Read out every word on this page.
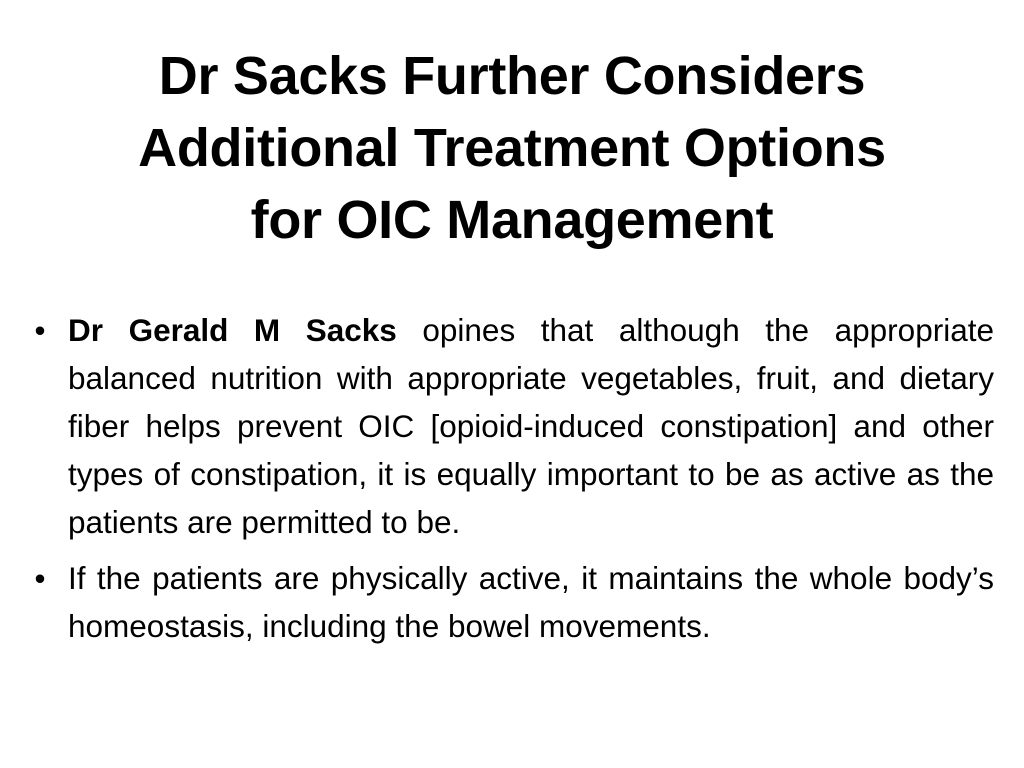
Dr Sacks Further Considers
Additional Treatment Options
for OIC Management
• Dr Gerald M Sacks opines that although the appropriate balanced nutrition with appropriate vegetables, fruit, and dietary fiber helps prevent OIC [opioid-induced constipation] and other types of constipation, it is equally important to be as active as the patients are permitted to be.
• If the patients are physically active, it maintains the whole body’s homeostasis, including the bowel movements.
